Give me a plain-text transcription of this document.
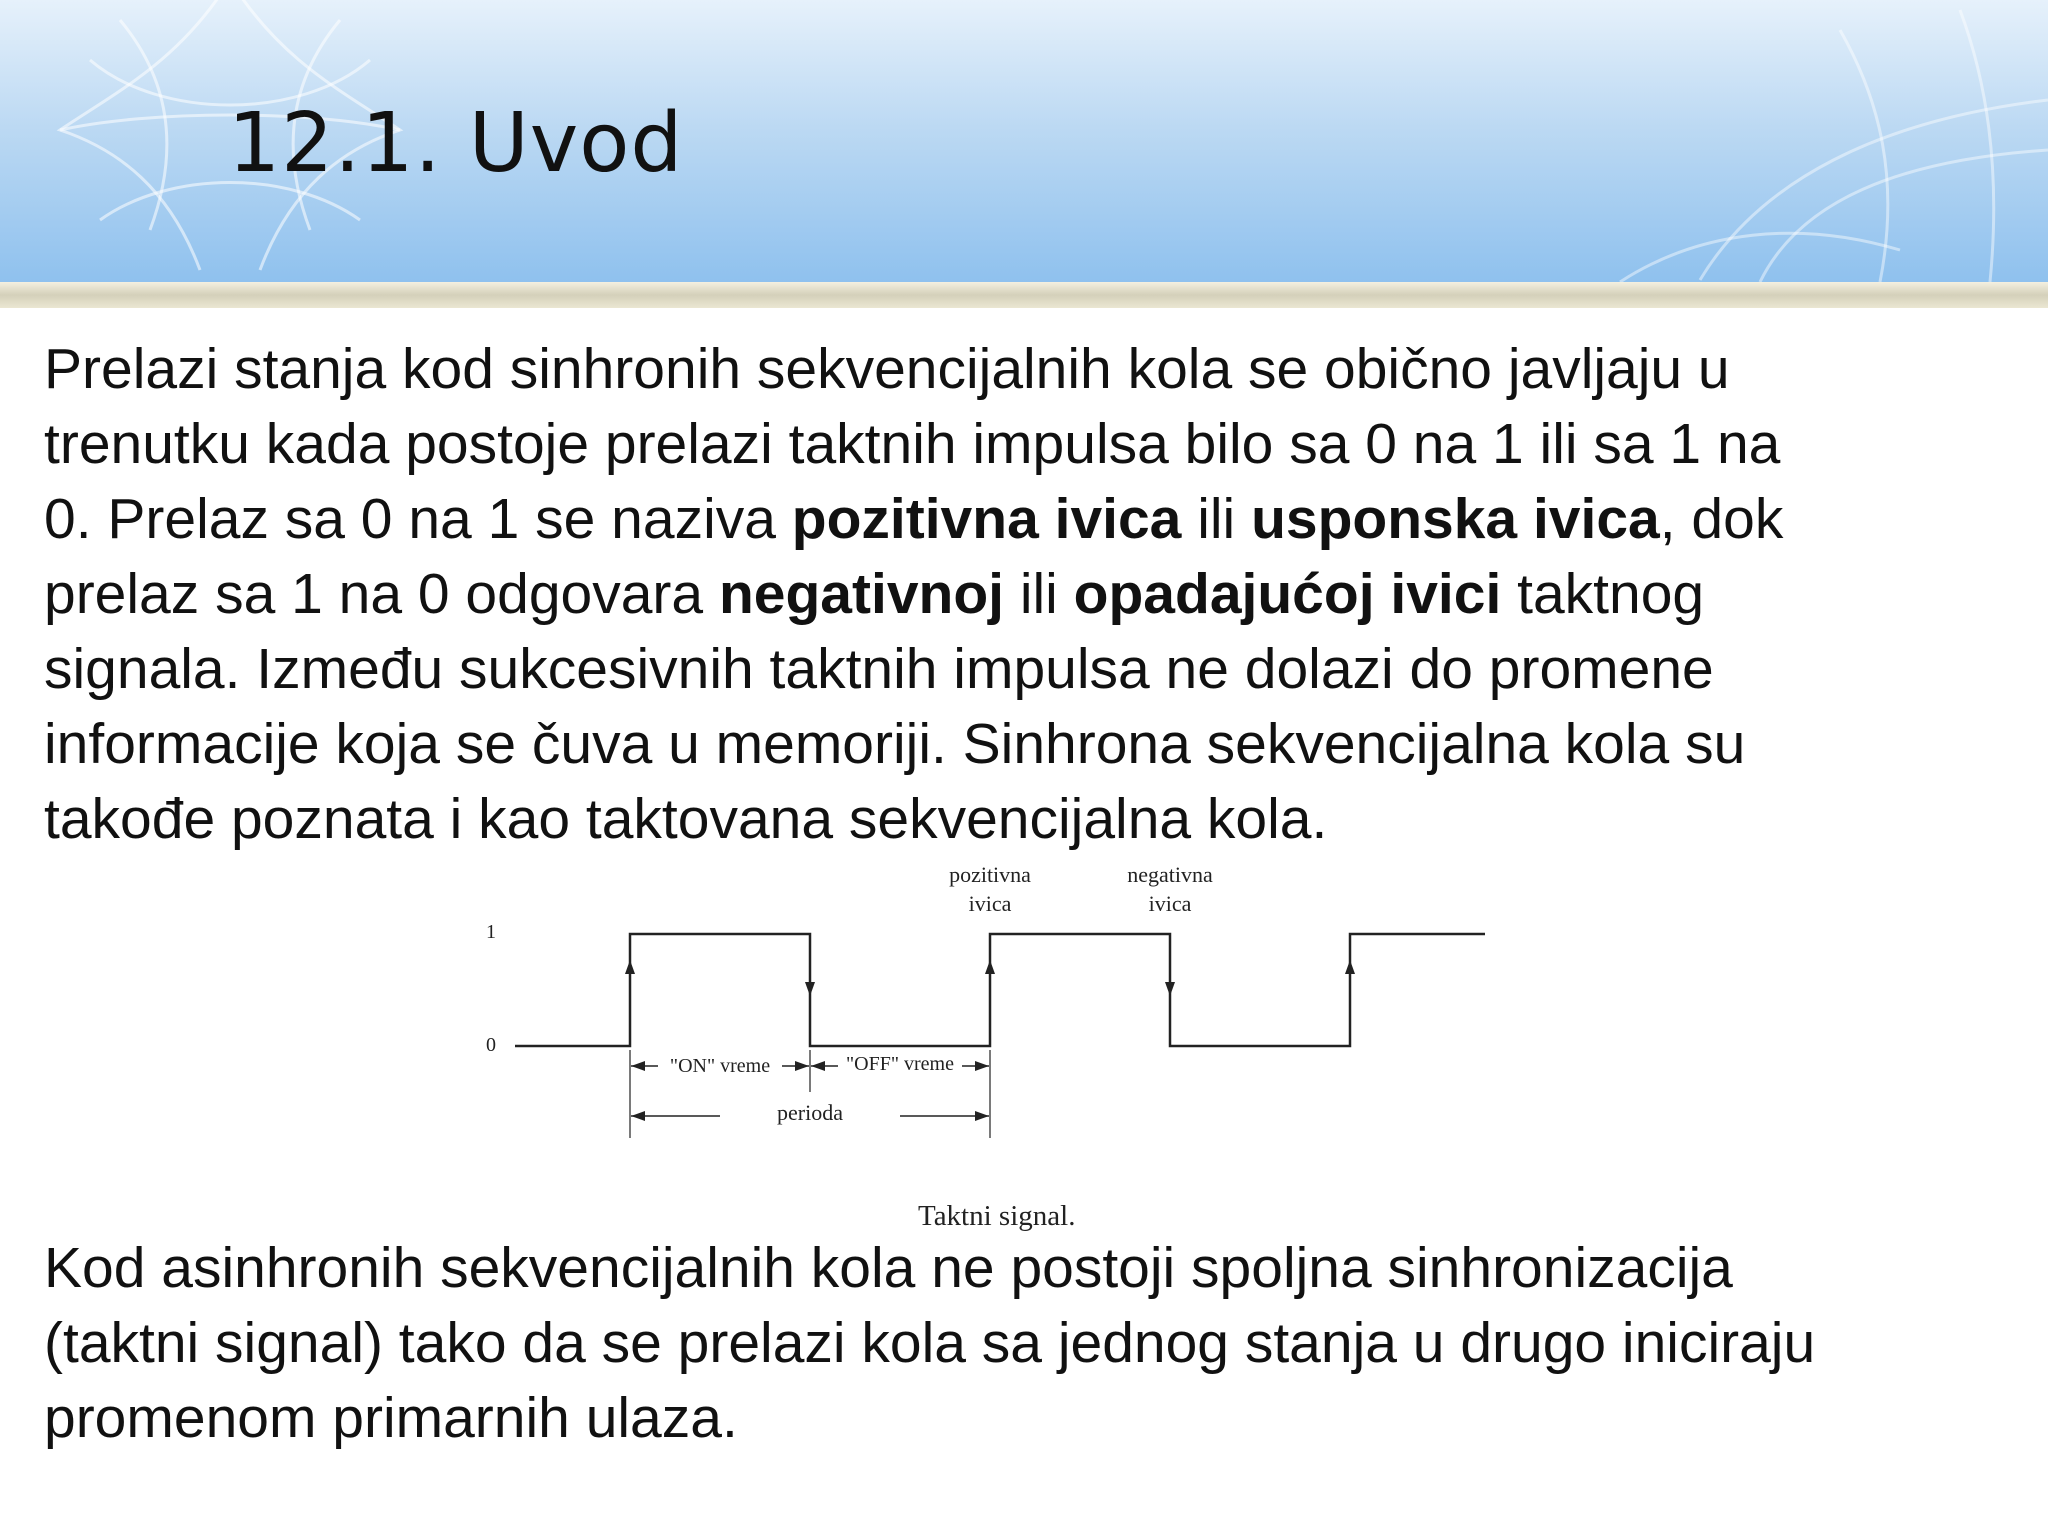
12.1. Uvod

Prelazi stanja kod sinhronih sekvencijalnih kola se obično javljaju u
trenutku kada postoje prelazi taktnih impulsa bilo sa 0 na 1 ili sa 1 na
0. Prelaz sa 0 na 1 se naziva pozitivna ivica ili usponska ivica, dok
prelaz sa 1 na 0 odgovara negativnoj ili opadajućoj ivici taktnog
signala. Između sukcesivnih taktnih impulsa ne dolazi do promene
informacije koja se čuva u memoriji. Sinhrona sekvencijalna kola su
takođe poznata i kao taktovana sekvencijalna kola.

1
0
pozitivna
ivica
negativna
ivica
"ON" vreme	"OFF" vreme
perioda
Taktni signal.

Kod asinhronih sekvencijalnih kola ne postoji spoljna sinhronizacija
(taktni signal) tako da se prelazi kola sa jednog stanja u drugo iniciraju
promenom primarnih ulaza.
